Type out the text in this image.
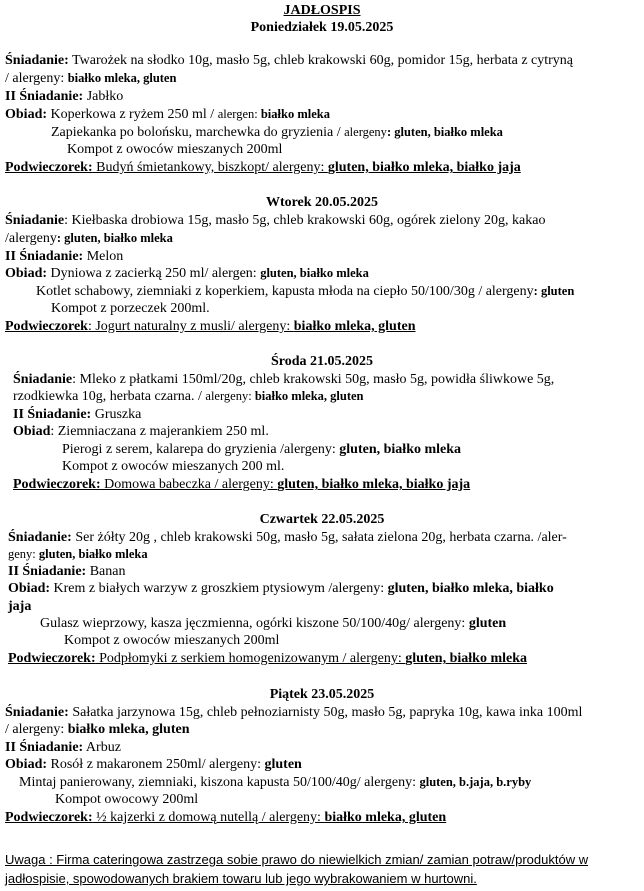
JADŁOSPIS
Poniedziałek 19.05.2025
Śniadanie: Twarożek na słodko 10g, masło 5g, chleb krakowski 60g, pomidor 15g, herbata z cytryną
/ alergeny: białko mleka, gluten
II Śniadanie: Jabłko
Obiad: Koperkowa z ryżem 250 ml / alergen: białko mleka
Zapiekanka po bolońsku, marchewka do gryzienia / alergeny: gluten, białko mleka
Kompot z owoców mieszanych 200ml
Podwieczorek: Budyń śmietankowy, biszkopt/ alergeny: gluten, białko mleka, białko jaja
Wtorek 20.05.2025
Śniadanie: Kiełbaska drobiowa 15g, masło 5g, chleb krakowski 60g, ogórek zielony 20g, kakao
/alergeny: gluten, białko mleka
II Śniadanie: Melon
Obiad: Dyniowa z zacierką 250 ml/ alergen: gluten, białko mleka
Kotlet schabowy, ziemniaki z koperkiem, kapusta młoda na ciepło 50/100/30g / alergeny: gluten
Kompot z porzeczek 200ml.
Podwieczorek: Jogurt naturalny z musli/ alergeny: białko mleka, gluten
Środa 21.05.2025
Śniadanie: Mleko z płatkami 150ml/20g, chleb krakowski 50g, masło 5g, powidła śliwkowe 5g,
rzodkiewka 10g, herbata czarna. / alergeny: białko mleka, gluten
II Śniadanie: Gruszka
Obiad: Ziemniaczana z majerankiem 250 ml.
Pierogi z serem, kalarepa do gryzienia /alergeny: gluten, białko mleka
Kompot z owoców mieszanych 200 ml.
Podwieczorek: Domowa babeczka / alergeny: gluten, białko mleka, białko jaja
Czwartek 22.05.2025
Śniadanie: Ser żółty 20g , chleb krakowski 50g, masło 5g, sałata zielona 20g, herbata czarna. /aler-
geny: gluten, białko mleka
II Śniadanie: Banan
Obiad: Krem z białych warzyw z groszkiem ptysiowym /alergeny: gluten, białko mleka, białko
jaja
Gulasz wieprzowy, kasza jęczmienna, ogórki kiszone 50/100/40g/ alergeny: gluten
Kompot z owoców mieszanych 200ml
Podwieczorek: Podpłomyki z serkiem homogenizowanym / alergeny: gluten, białko mleka
Piątek 23.05.2025
Śniadanie: Sałatka jarzynowa 15g, chleb pełnoziarnisty 50g, masło 5g, papryka 10g, kawa inka 100ml
/ alergeny: białko mleka, gluten
II Śniadanie: Arbuz
Obiad: Rosół z makaronem 250ml/ alergeny: gluten
Mintaj panierowany, ziemniaki, kiszona kapusta 50/100/40g/ alergeny: gluten, b.jaja, b.ryby
Kompot owocowy 200ml
Podwieczorek: ½ kajzerki z domową nutellą / alergeny: białko mleka, gluten
Uwaga : Firma cateringowa zastrzega sobie prawo do niewielkich zmian/ zamian potraw/produktów w
jadłospisie, spowodowanych brakiem towaru lub jego wybrakowaniem w hurtowni.
